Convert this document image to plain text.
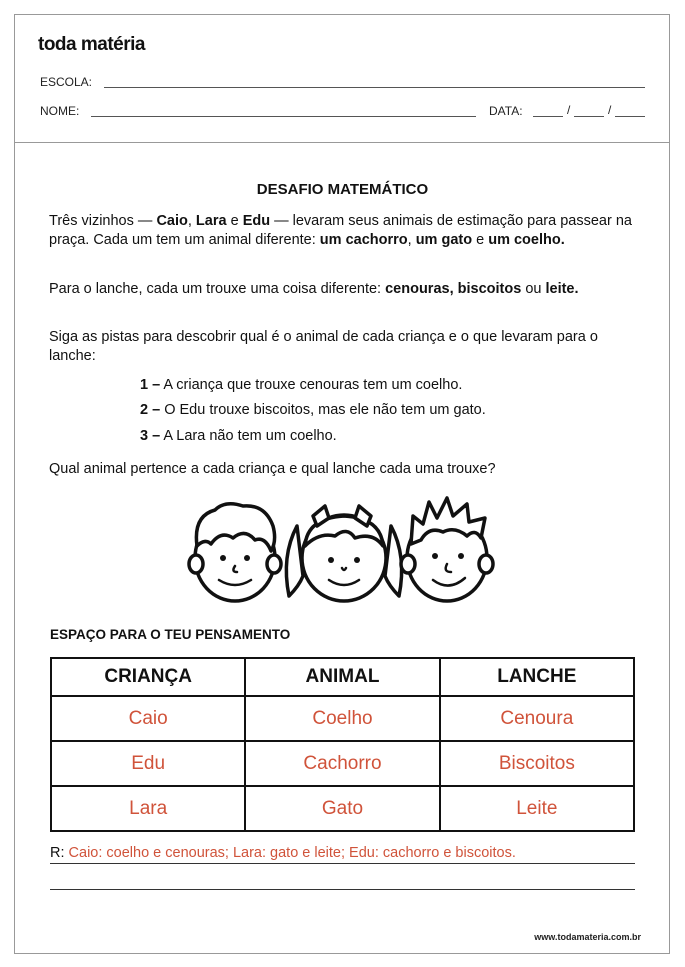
toda matéria
ESCOLA:
NOME:	DATA:	/	/
DESAFIO MATEMÁTICO
Três vizinhos — Caio, Lara e Edu — levaram seus animais de estimação para passear na praça. Cada um tem um animal diferente: um cachorro, um gato e um coelho.
Para o lanche, cada um trouxe uma coisa diferente: cenouras, biscoitos ou leite.
Siga as pistas para descobrir qual é o animal de cada criança e o que levaram para o lanche:
1 – A criança que trouxe cenouras tem um coelho.
2 – O Edu trouxe biscoitos, mas ele não tem um gato.
3 – A Lara não tem um coelho.
Qual animal pertence a cada criança e qual lanche cada uma trouxe?
ESPAÇO PARA O TEU PENSAMENTO
CRIANÇA	ANIMAL	LANCHE
Caio	Coelho	Cenoura
Edu	Cachorro	Biscoitos
Lara	Gato	Leite
R: Caio: coelho e cenouras; Lara: gato e leite; Edu: cachorro e biscoitos.
www.todamateria.com.br
